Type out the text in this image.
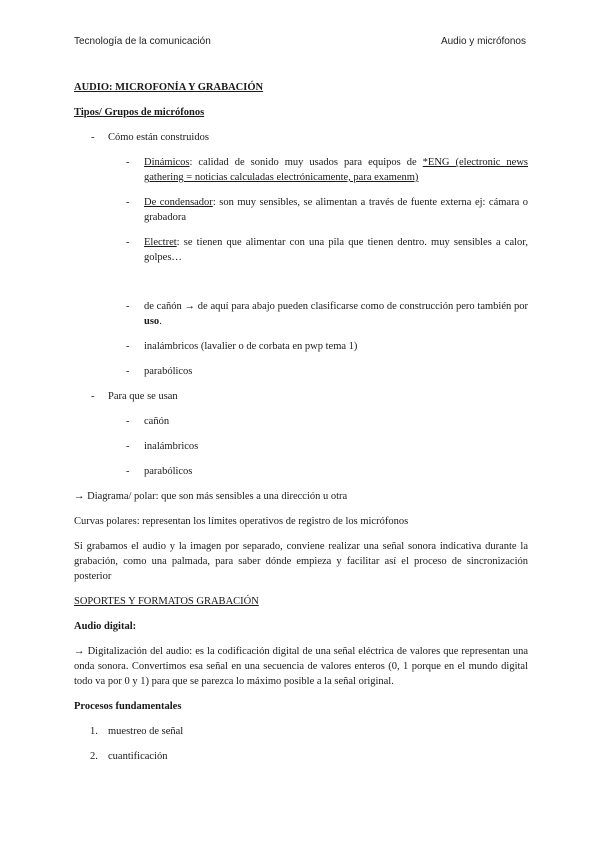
Tecnología de la comunicación	Audio y micrófonos
AUDIO: MICROFONÍA Y GRABACIÓN
Tipos/ Grupos de micrófonos
- Cómo están construidos
- Dinámicos: calidad de sonido muy usados para equipos de *ENG (electronic news gathering = noticias calculadas electrónicamente, para examenm)
- De condensador: son muy sensibles, se alimentan a través de fuente externa ej: cámara o grabadora
- Electret: se tienen que alimentar con una pila que tienen dentro. muy sensibles a calor, golpes…
- de cañón → de aquí para abajo pueden clasificarse como de construcción pero también por uso.
- inalámbricos (lavalier o de corbata en pwp tema 1)
- parabólicos
- Para que se usan
- cañón
- inalámbricos
- parabólicos
→ Diagrama/ polar: que son más sensibles a una dirección u otra
Curvas polares: representan los límites operativos de registro de los micrófonos
Si grabamos el audio y la imagen por separado, conviene realizar una señal sonora indicativa durante la grabación, como una palmada, para saber dónde empieza y facilitar así el proceso de sincronización posterior
SOPORTES Y FORMATOS GRABACIÓN
Audio digital:
→ Digitalización del audio: es la codificación digital de una señal eléctrica de valores que representan una onda sonora. Convertimos esa señal en una secuencia de valores enteros (0, 1 porque en el mundo digital todo va por 0 y 1) para que se parezca lo máximo posible a la señal original.
Procesos fundamentales
1. muestreo de señal
2. cuantificación
